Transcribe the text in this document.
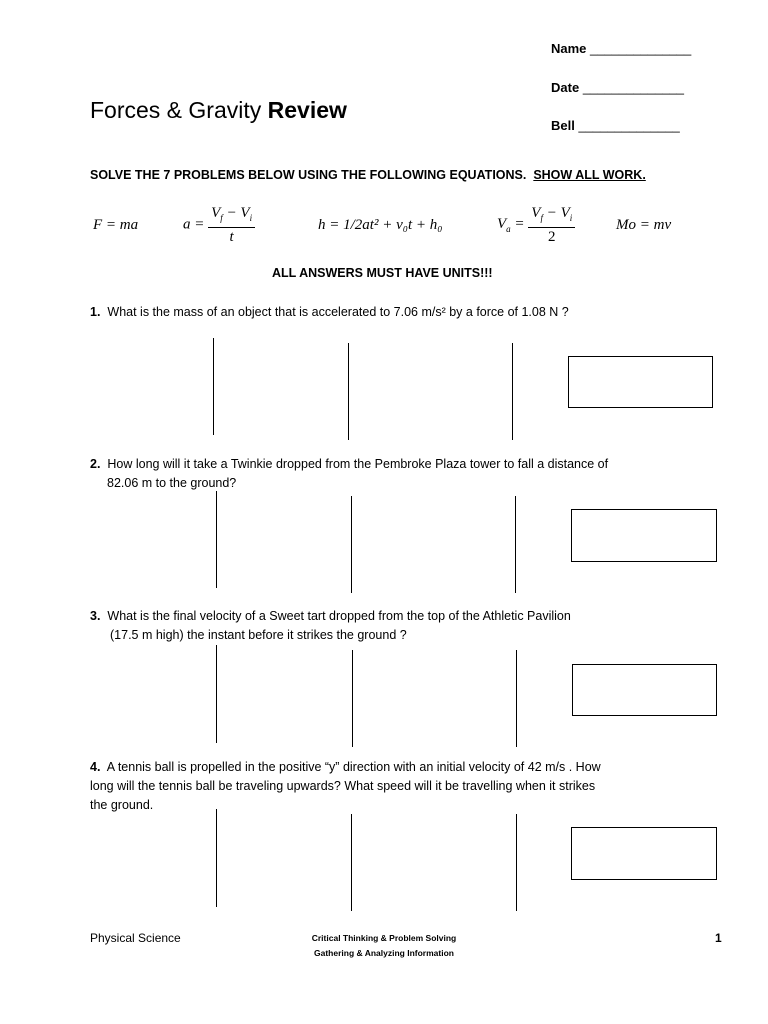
Name ______________
Date ______________
Bell ______________
Forces & Gravity Review
SOLVE THE 7 PROBLEMS BELOW USING THE FOLLOWING EQUATIONS. SHOW ALL WORK.
F = ma	$a = \frac{V_f - V_i}{t}$	h = 1/2at² + v₀t + h₀	$V_a = \frac{V_f - V_i}{2}$	Mo = mv
ALL ANSWERS MUST HAVE UNITS!!!
1. What is the mass of an object that is accelerated to 7.06 m/s² by a force of 1.08 N ?
2. How long will it take a Twinkie dropped from the Pembroke Plaza tower to fall a distance of
82.06 m to the ground?
3. What is the final velocity of a Sweet tart dropped from the top of the Athletic Pavilion
(17.5 m high) the instant before it strikes the ground ?
4. A tennis ball is propelled in the positive “y” direction with an initial velocity of 42 m/s . How
long will the tennis ball be traveling upwards? What speed will it be travelling when it strikes
the ground.
Physical Science	Critical Thinking & Problem Solving
Gathering & Analyzing Information
1
